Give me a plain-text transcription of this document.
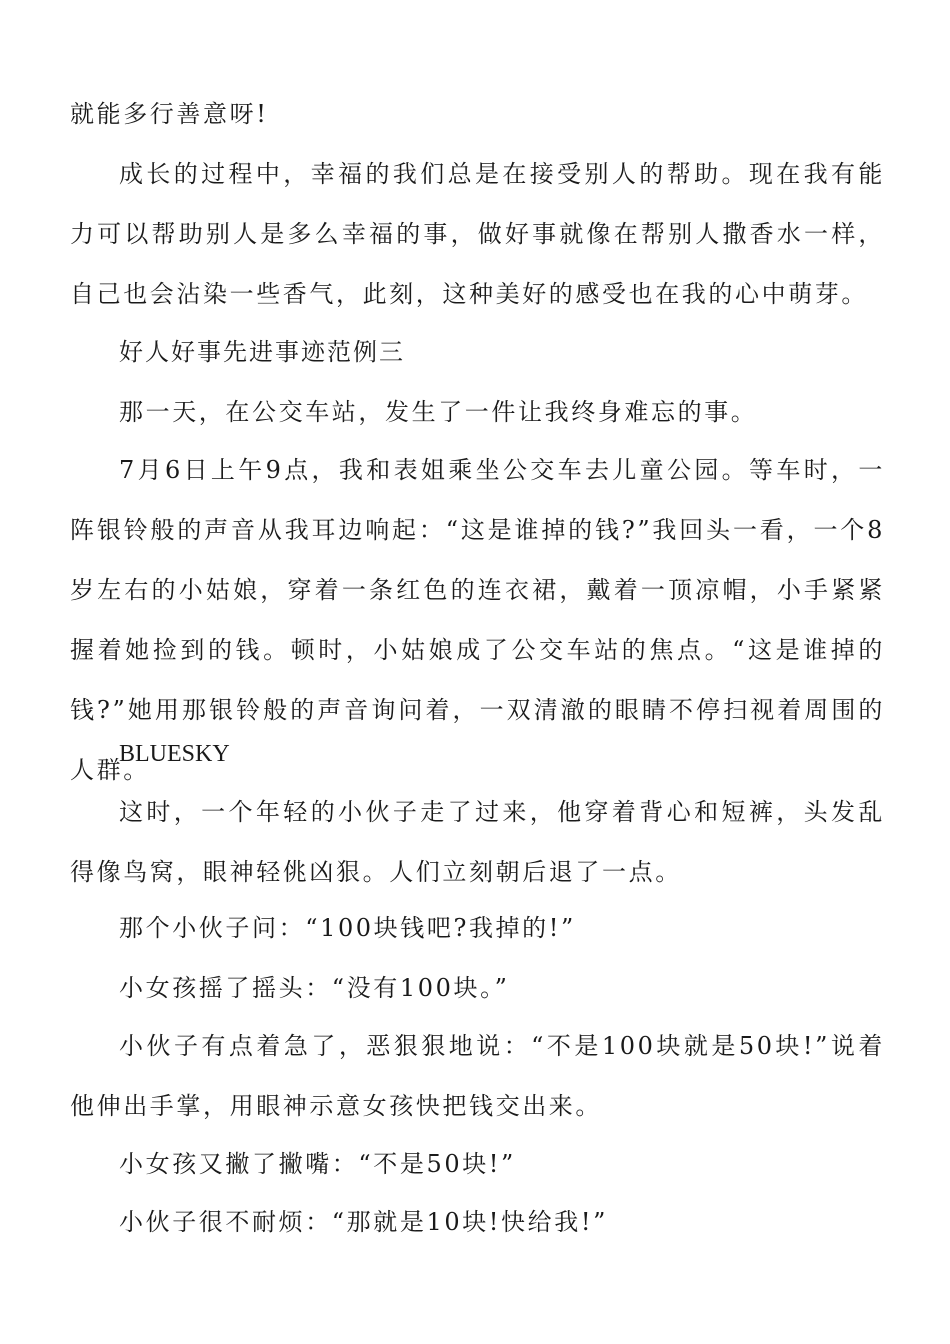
就能多行善意呀!

成长的过程中，幸福的我们总是在接受别人的帮助。现在我有能力可以帮助别人是多么幸福的事，做好事就像在帮别人撒香水一样，自己也会沾染一些香气，此刻，这种美好的感受也在我的心中萌芽。

好人好事先进事迹范例三

那一天，在公交车站，发生了一件让我终身难忘的事。

7月6日上午9点，我和表姐乘坐公交车去儿童公园。等车时，一阵银铃般的声音从我耳边响起：“这是谁掉的钱?”我回头一看，一个8岁左右的小姑娘，穿着一条红色的连衣裙，戴着一顶凉帽，小手紧紧握着她捡到的钱。顿时，小姑娘成了公交车站的焦点。“这是谁掉的钱?”她用那银铃般的声音询问着，一双清澈的眼睛不停扫视着周围的人群。

BLUESKY

这时，一个年轻的小伙子走了过来，他穿着背心和短裤，头发乱得像鸟窝，眼神轻佻凶狠。人们立刻朝后退了一点。

那个小伙子问：“100块钱吧?我掉的!”

小女孩摇了摇头：“没有100块。”

小伙子有点着急了，恶狠狠地说：“不是100块就是50块!”说着他伸出手掌，用眼神示意女孩快把钱交出来。

小女孩又撇了撇嘴：“不是50块!”

小伙子很不耐烦：“那就是10块!快给我!”
